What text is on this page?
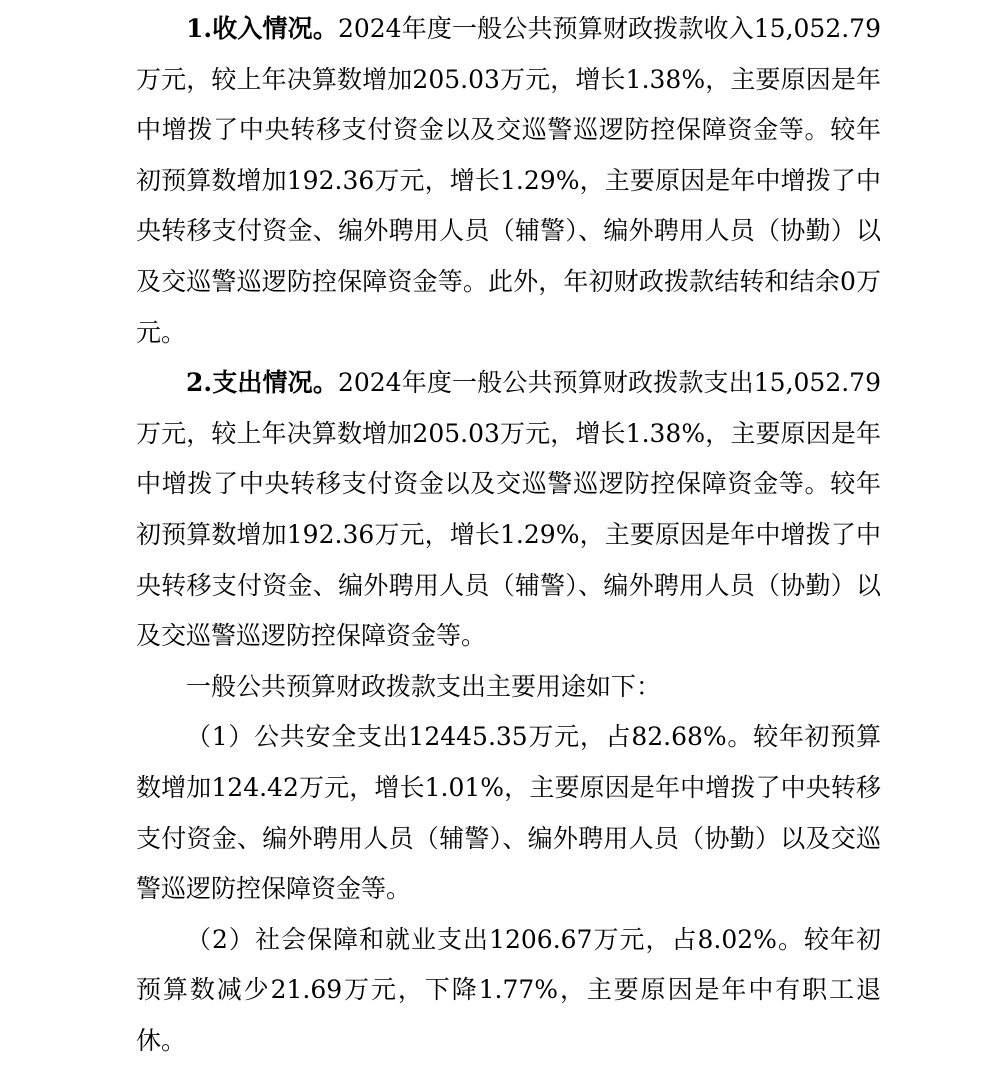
1.收入情况。2024年度一般公共预算财政拨款收入15,052.79万元，较上年决算数增加205.03万元，增长1.38%，主要原因是年中增拨了中央转移支付资金以及交巡警巡逻防控保障资金等。较年初预算数增加192.36万元，增长1.29%，主要原因是年中增拨了中央转移支付资金、编外聘用人员（辅警）、编外聘用人员（协勤）以及交巡警巡逻防控保障资金等。此外，年初财政拨款结转和结余0万元。

2.支出情况。2024年度一般公共预算财政拨款支出15,052.79万元，较上年决算数增加205.03万元，增长1.38%，主要原因是年中增拨了中央转移支付资金以及交巡警巡逻防控保障资金等。较年初预算数增加192.36万元，增长1.29%，主要原因是年中增拨了中央转移支付资金、编外聘用人员（辅警）、编外聘用人员（协勤）以及交巡警巡逻防控保障资金等。

一般公共预算财政拨款支出主要用途如下：

（1）公共安全支出12445.35万元，占82.68%。较年初预算数增加124.42万元，增长1.01%，主要原因是年中增拨了中央转移支付资金、编外聘用人员（辅警）、编外聘用人员（协勤）以及交巡警巡逻防控保障资金等。

（2）社会保障和就业支出1206.67万元，占8.02%。较年初预算数减少21.69万元，下降1.77%，主要原因是年中有职工退休。
